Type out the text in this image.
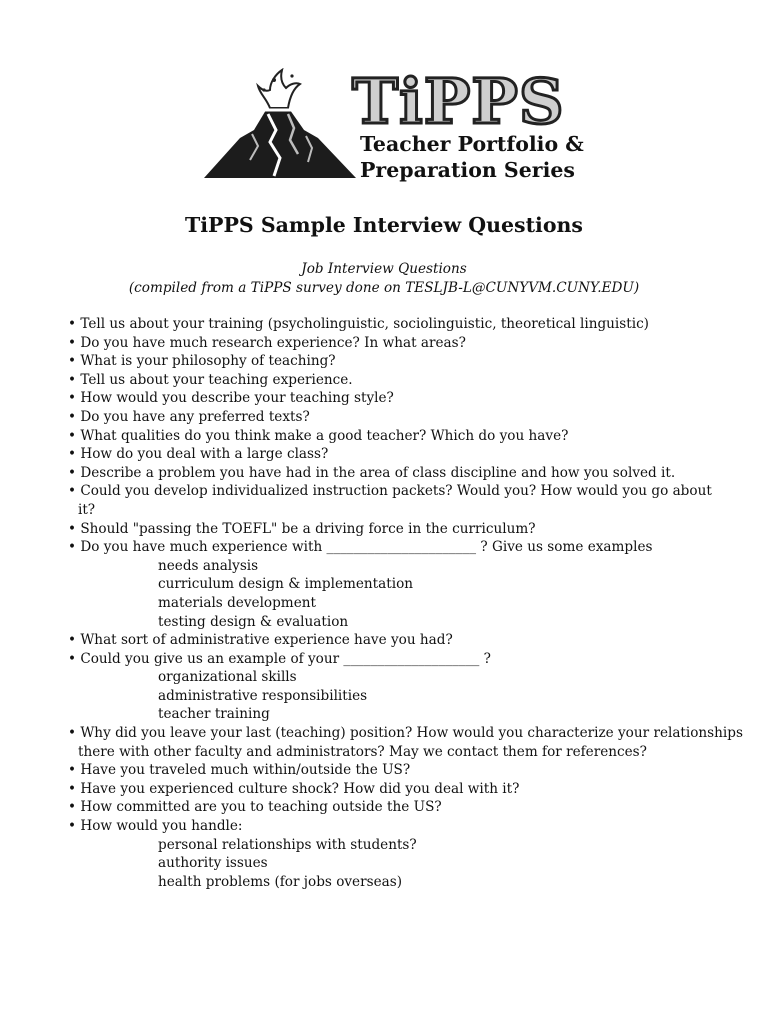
TiPPS
Teacher Portfolio &
Preparation Series
TiPPS Sample Interview Questions
Job Interview Questions
(compiled from a TiPPS survey done on TESLJB-L@CUNYVM.CUNY.EDU)
• Tell us about your training (psycholinguistic, sociolinguistic, theoretical linguistic)
• Do you have much research experience? In what areas?
• What is your philosophy of teaching?
• Tell us about your teaching experience.
• How would you describe your teaching style?
• Do you have any preferred texts?
• What qualities do you think make a good teacher? Which do you have?
• How do you deal with a large class?
• Describe a problem you have had in the area of class discipline and how you solved it.
• Could you develop individualized instruction packets? Would you? How would you go about
it?
• Should "passing the TOEFL" be a driving force in the curriculum?
• Do you have much experience with ______________________ ? Give us some examples
needs analysis
curriculum design & implementation
materials development
testing design & evaluation
• What sort of administrative experience have you had?
• Could you give us an example of your ____________________ ?
organizational skills
administrative responsibilities
teacher training
• Why did you leave your last (teaching) position? How would you characterize your relationships
there with other faculty and administrators? May we contact them for references?
• Have you traveled much within/outside the US?
• Have you experienced culture shock? How did you deal with it?
• How committed are you to teaching outside the US?
• How would you handle:
personal relationships with students?
authority issues
health problems (for jobs overseas)
